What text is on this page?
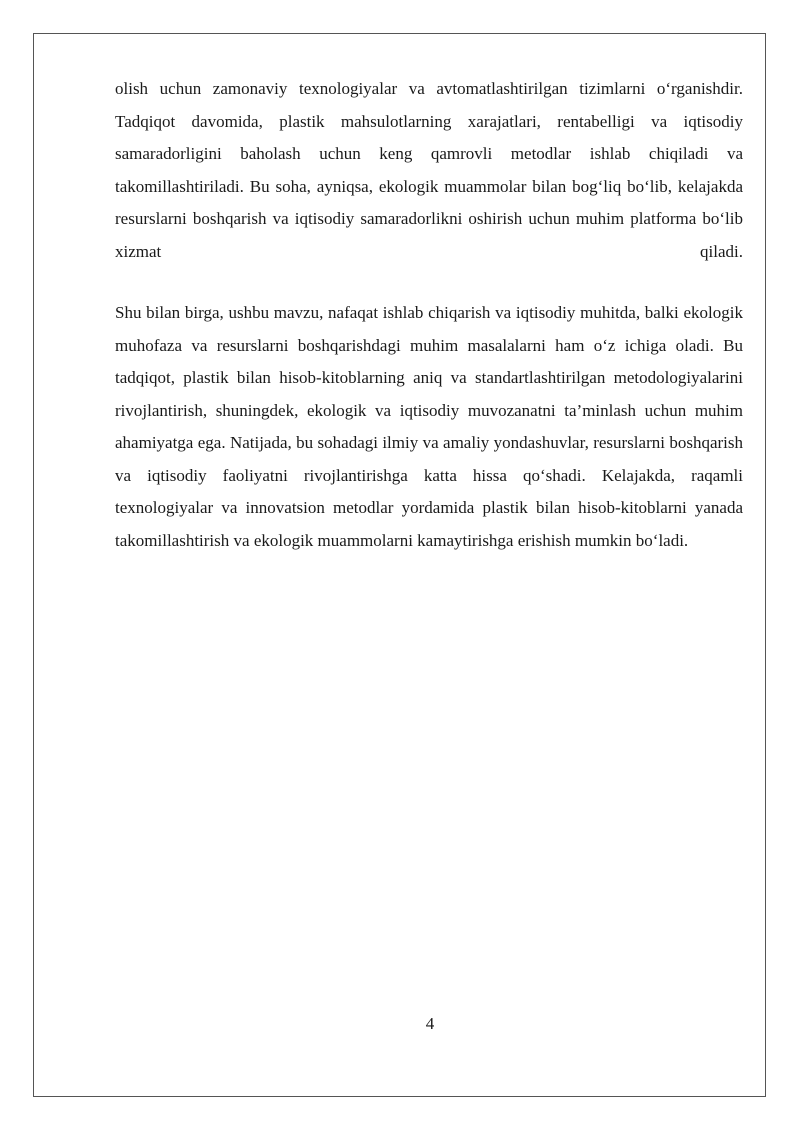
olish uchun zamonaviy texnologiyalar va avtomatlashtirilgan tizimlarni o‘rganishdir. Tadqiqot davomida, plastik mahsulotlarning xarajatlari, rentabelligi va iqtisodiy samaradorligini baholash uchun keng qamrovli metodlar ishlab chiqiladi va takomillashtiriladi. Bu soha, ayniqsa, ekologik muammolar bilan bog‘liq bo‘lib, kelajakda resurslarni boshqarish va iqtisodiy samaradorlikni oshirish uchun muhim platforma bo‘lib xizmat qiladi.

Shu bilan birga, ushbu mavzu, nafaqat ishlab chiqarish va iqtisodiy muhitda, balki ekologik muhofaza va resurslarni boshqarishdagi muhim masalalarni ham o‘z ichiga oladi. Bu tadqiqot, plastik bilan hisob-kitoblarning aniq va standartlashtirilgan metodologiyalarini rivojlantirish, shuningdek, ekologik va iqtisodiy muvozanatni ta’minlash uchun muhim ahamiyatga ega. Natijada, bu sohadagi ilmiy va amaliy yondashuvlar, resurslarni boshqarish va iqtisodiy faoliyatni rivojlantirishga katta hissa qo‘shadi. Kelajakda, raqamli texnologiyalar va innovatsion metodlar yordamida plastik bilan hisob-kitoblarni yanada takomillashtirish va ekologik muammolarni kamaytirishga erishish mumkin bo‘ladi.

4
